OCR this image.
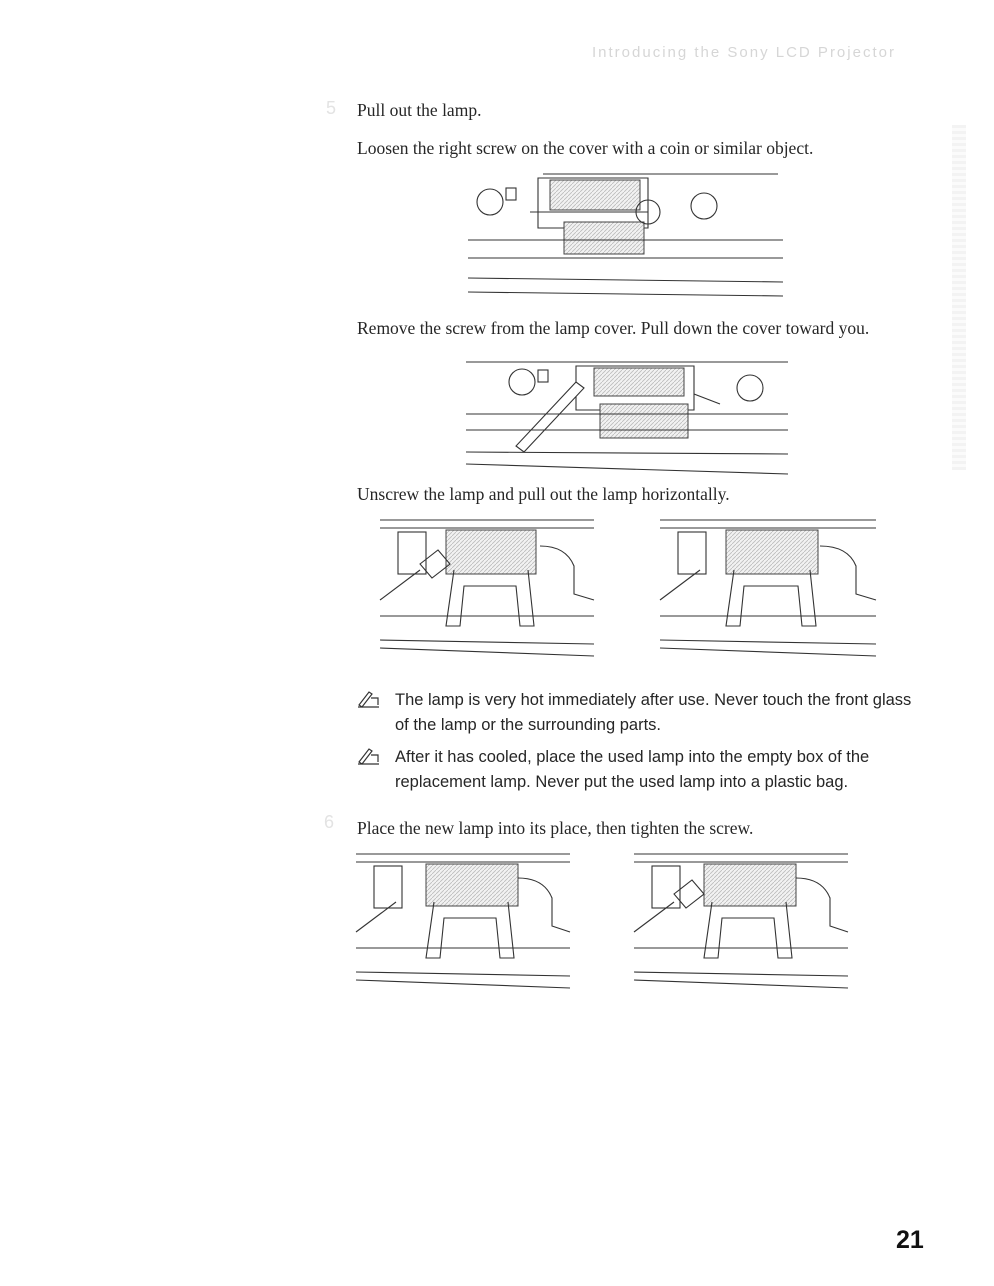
Introducing the Sony LCD Projector
5 Pull out the lamp.
Loosen the right screw on the cover with a coin or similar object.
Remove the screw from the lamp cover. Pull down the cover toward you.
Unscrew the lamp and pull out the lamp horizontally.
The lamp is very hot immediately after use. Never touch the front glass of the lamp or the surrounding parts.
After it has cooled, place the used lamp into the empty box of the replacement lamp. Never put the used lamp into a plastic bag.
6 Place the new lamp into its place, then tighten the screw.
21
